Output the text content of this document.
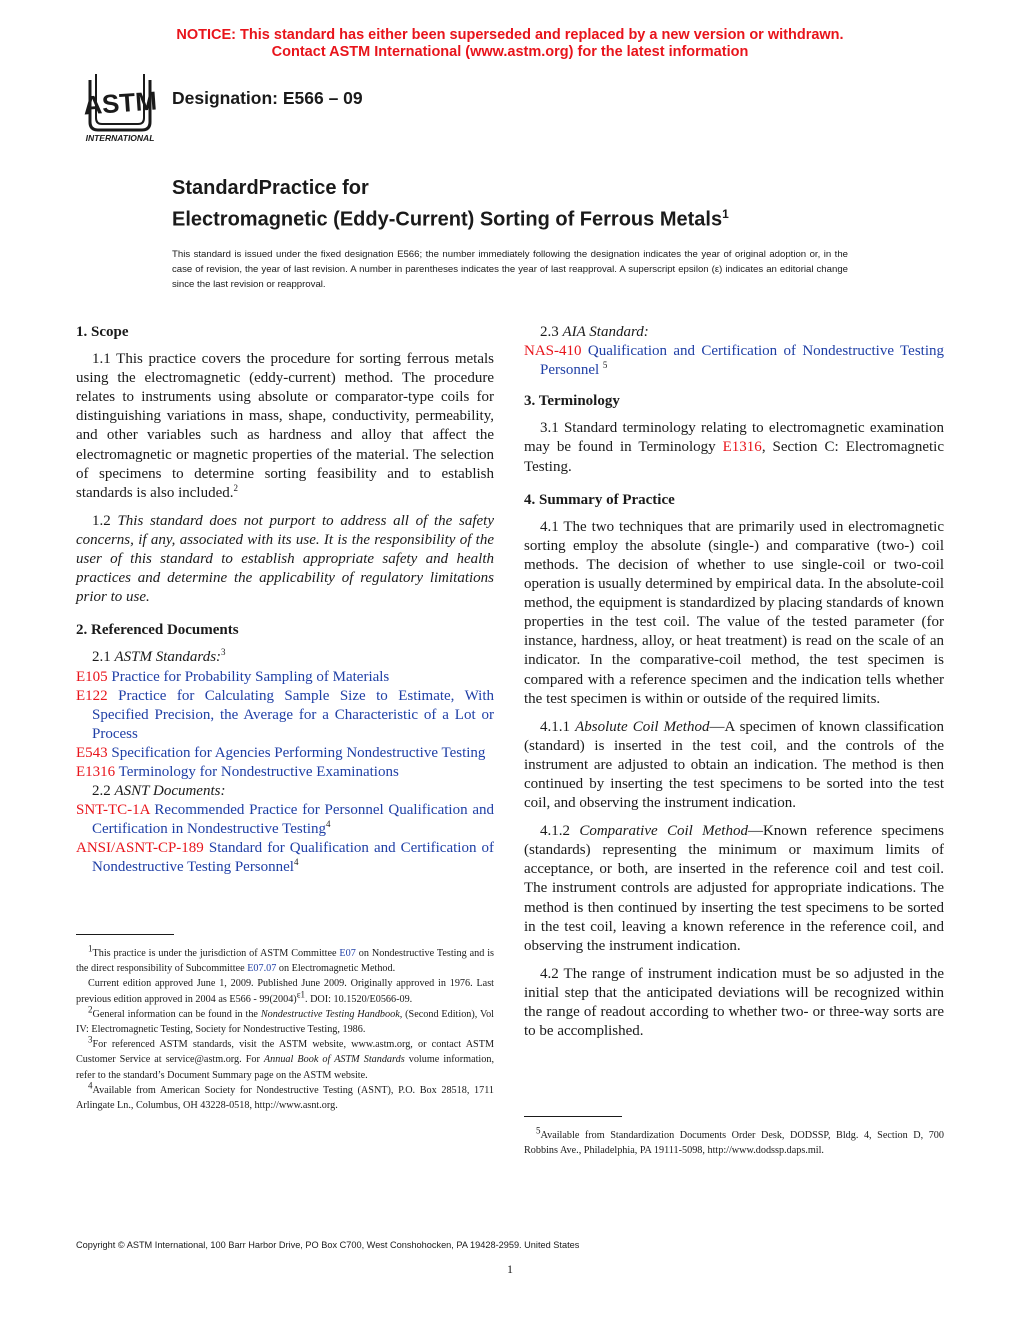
NOTICE: This standard has either been superseded and replaced by a new version or withdrawn.
Contact ASTM International (www.astm.org) for the latest information
ASTM
INTERNATIONAL
Designation: E566 – 09
StandardPractice for
Electromagnetic (Eddy-Current) Sorting of Ferrous Metals$^1$
This standard is issued under the fixed designation E566; the number immediately following the designation indicates the year of original adoption or, in the case of revision, the year of last revision. A number in parentheses indicates the year of last reapproval. A superscript epsilon (ε) indicates an editorial change since the last revision or reapproval.
1. Scope

1.1 This practice covers the procedure for sorting ferrous metals using the electromagnetic (eddy-current) method. The procedure relates to instruments using absolute or comparator-type coils for distinguishing variations in mass, shape, conductivity, permeability, and other variables such as hardness and alloy that affect the electromagnetic or magnetic properties of the material. The selection of specimens to determine sorting feasibility and to establish standards is also included.$^2$

1.2 This standard does not purport to address all of the safety concerns, if any, associated with its use. It is the responsibility of the user of this standard to establish appropriate safety and health practices and determine the applicability of regulatory limitations prior to use.

2. Referenced Documents
2.1 ASTM Standards:$^3$
E105 Practice for Probability Sampling of Materials
E122 Practice for Calculating Sample Size to Estimate, With Specified Precision, the Average for a Characteristic of a Lot or Process
E543 Specification for Agencies Performing Nondestructive Testing
E1316 Terminology for Nondestructive Examinations
2.2 ASNT Documents:
SNT-TC-1A Recommended Practice for Personnel Qualification and Certification in Nondestructive Testing$^4$
ANSI/ASNT-CP-189 Standard for Qualification and Certification of Nondestructive Testing Personnel$^4$

$^1$This practice is under the jurisdiction of ASTM Committee E07 on Nondestructive Testing and is the direct responsibility of Subcommittee E07.07 on Electromagnetic Method.

Current edition approved June 1, 2009. Published June 2009. Originally approved in 1976. Last previous edition approved in 2004 as $E566 - 99(2004)^{\varepsilon 1}$. DOI: 10.1520/E0566-09.

$^2$General information can be found in the Nondestructive Testing Handbook, (Second Edition), Vol IV: Electromagnetic Testing, Society for Nondestructive Testing, 1986.

$^3$For referenced ASTM standards, visit the ASTM website, www.astm.org, or contact ASTM Customer Service at service@astm.org. For Annual Book of ASTM Standards volume information, refer to the standard’s Document Summary page on the ASTM website.

$^4$Available from American Society for Nondestructive Testing (ASNT), P.O. Box 28518, 1711 Arlingate Ln., Columbus, OH 43228-0518, http://www.asnt.org.

2.3 AIA Standard:
NAS-410 Qualification and Certification of Nondestructive Testing Personnel $^5$
3. Terminology

3.1 Standard terminology relating to electromagnetic examination may be found in Terminology E1316, Section C: Electromagnetic Testing.

4. Summary of Practice

4.1 The two techniques that are primarily used in electromagnetic sorting employ the absolute (single-) and comparative (two-) coil methods. The decision of whether to use single-coil or two-coil operation is usually determined by empirical data. In the absolute-coil method, the equipment is standardized by placing standards of known properties in the test coil. The value of the tested parameter (for instance, hardness, alloy, or heat treatment) is read on the scale of an indicator. In the comparative-coil method, the test specimen is compared with a reference specimen and the indication tells whether the test specimen is within or outside of the required limits.

4.1.1 Absolute Coil Method—A specimen of known classification (standard) is inserted in the test coil, and the controls of the instrument are adjusted to obtain an indication. The method is then continued by inserting the test specimens to be sorted into the test coil, and observing the instrument indication.

4.1.2 Comparative Coil Method—Known reference specimens (standards) representing the minimum or maximum limits of acceptance, or both, are inserted in the reference coil and test coil. The instrument controls are adjusted for appropriate indications. The method is then continued by inserting the test specimens to be sorted in the test coil, leaving a known reference in the reference coil, and observing the instrument indication.

4.2 The range of instrument indication must be so adjusted in the initial step that the anticipated deviations will be recognized within the range of readout according to whether two- or three-way sorts are to be accomplished.

$^5$Available from Standardization Documents Order Desk, DODSSP, Bldg. 4, Section D, 700 Robbins Ave., Philadelphia, PA 19111-5098, http://www.dodssp.daps.mil.

Copyright © ASTM International, 100 Barr Harbor Drive, PO Box C700, West Conshohocken, PA 19428-2959. United States
1
